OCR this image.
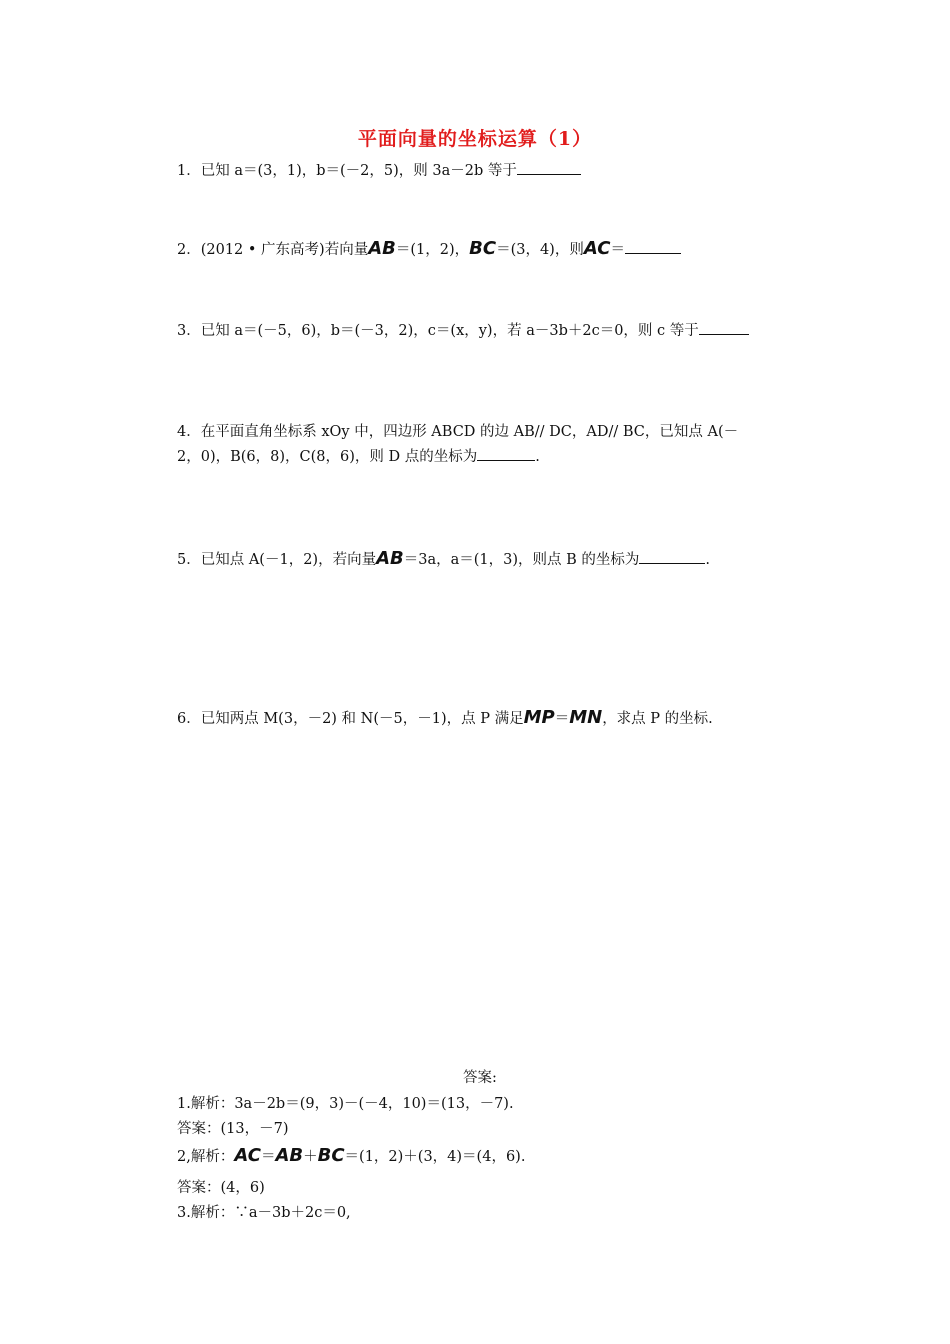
平面向量的坐标运算（1）
1．已知 a＝(3，1)，b＝(－2，5)，则 3a－2b 等于
2．(2012 • 广东高考)若向量AB＝(1，2)，BC＝(3，4)，则AC＝
3．已知 a＝(－5，6)，b＝(－3，2)，c＝(x，y)，若 a－3b＋2c＝0，则 c 等于
4．在平面直角坐标系 xOy 中，四边形 ABCD 的边 AB// DC，AD// BC，已知点 A(－
2，0)，B(6，8)，C(8，6)，则 D 点的坐标为	.
5．已知点 A(－1，2)，若向量AB＝3a，a＝(1，3)，则点 B 的坐标为	.
6．已知两点 M(3，－2) 和 N(－5，－1)，点 P 满足MP＝MN，求点 P 的坐标.
答案:
1.解析：3a－2b＝(9，3)－(－4，10)＝(13，－7).
答案：(13，－7)
2,解析：AC＝AB＋BC＝(1，2)＋(3，4)＝(4，6).
答案：(4，6)
3.解析：∵a－3b＋2c＝0,
